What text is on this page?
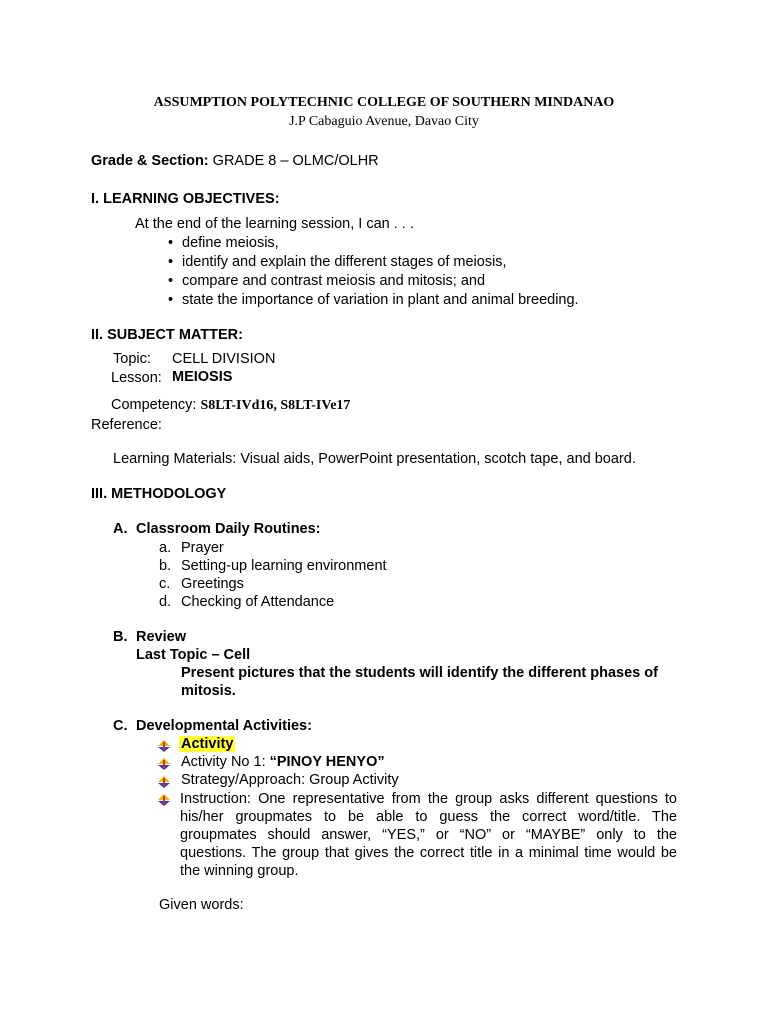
ASSUMPTION POLYTECHNIC COLLEGE OF SOUTHERN MINDANAO
J.P Cabaguio Avenue, Davao City
Grade & Section: GRADE 8 – OLMC/OLHR
I. LEARNING OBJECTIVES:
At the end of the learning session, I can . . .
• define meiosis,
• identify and explain the different stages of meiosis,
• compare and contrast meiosis and mitosis; and
• state the importance of variation in plant and animal breeding.
II. SUBJECT MATTER:
Topic: CELL DIVISION
Lesson: MEIOSIS
Competency: S8LT-IVd16, S8LT-IVe17
Reference:
Learning Materials: Visual aids, PowerPoint presentation, scotch tape, and board.
III. METHODOLOGY
A. Classroom Daily Routines:
a. Prayer
b. Setting-up learning environment
c. Greetings
d. Checking of Attendance
B. Review
Last Topic – Cell
Present pictures that the students will identify the different phases of
mitosis.
C. Developmental Activities:
Activity
Activity No 1: “PINOY HENYO”
Strategy/Approach: Group Activity
Instruction: One representative from the group asks different questions to
his/her groupmates to be able to guess the correct word/title. The
groupmates should answer, “YES,” or “NO” or “MAYBE” only to the
questions. The group that gives the correct title in a minimal time would be
the winning group.
Given words:
